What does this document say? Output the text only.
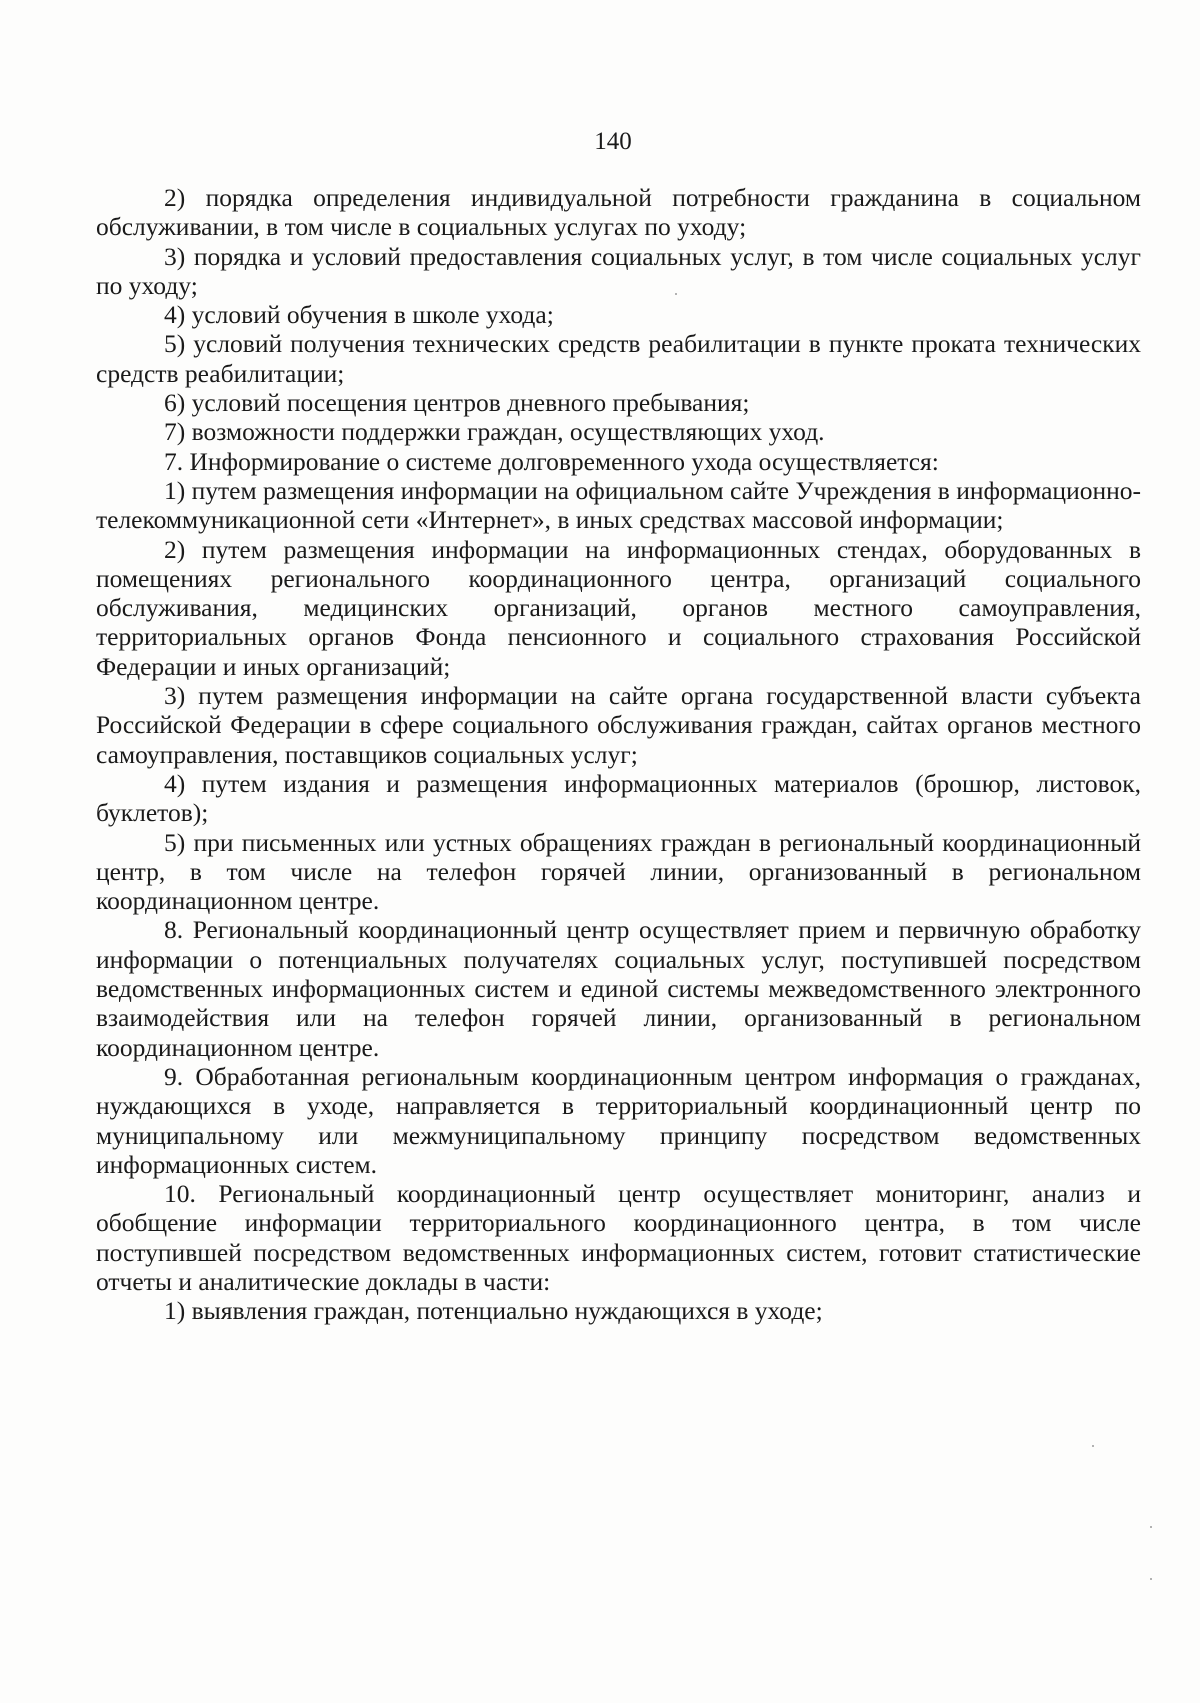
140

2) порядка определения индивидуальной потребности гражданина в социальном обслуживании, в том числе в социальных услугах по уходу;

3) порядка и условий предоставления социальных услуг, в том числе социальных услуг по уходу;

4) условий обучения в школе ухода;

5) условий получения технических средств реабилитации в пункте проката технических средств реабилитации;

6) условий посещения центров дневного пребывания;

7) возможности поддержки граждан, осуществляющих уход.

7. Информирование о системе долговременного ухода осуществляется:

1) путем размещения информации на официальном сайте Учреждения в информационно-телекоммуникационной сети «Интернет», в иных средствах массовой информации;

2) путем размещения информации на информационных стендах, оборудованных в помещениях регионального координационного центра, организаций социального обслуживания, медицинских организаций, органов местного самоуправления, территориальных органов Фонда пенсионного и социального страхования Российской Федерации и иных организаций;

3) путем размещения информации на сайте органа государственной власти субъекта Российской Федерации в сфере социального обслуживания граждан, сайтах органов местного самоуправления, поставщиков социальных услуг;

4) путем издания и размещения информационных материалов (брошюр, листовок, буклетов);

5) при письменных или устных обращениях граждан в региональный координационный центр, в том числе на телефон горячей линии, организованный в региональном координационном центре.

8. Региональный координационный центр осуществляет прием и первичную обработку информации о потенциальных получателях социальных услуг, поступившей посредством ведомственных информационных систем и единой системы межведомственного электронного взаимодействия или на телефон горячей линии, организованный в региональном координационном центре.

9. Обработанная региональным координационным центром информация о гражданах, нуждающихся в уходе, направляется в территориальный координационный центр по муниципальному или межмуниципальному принципу посредством ведомственных информационных систем.

10. Региональный координационный центр осуществляет мониторинг, анализ и обобщение информации территориального координационного центра, в том числе поступившей посредством ведомственных информационных систем, готовит статистические отчеты и аналитические доклады в части:

1) выявления граждан, потенциально нуждающихся в уходе;
